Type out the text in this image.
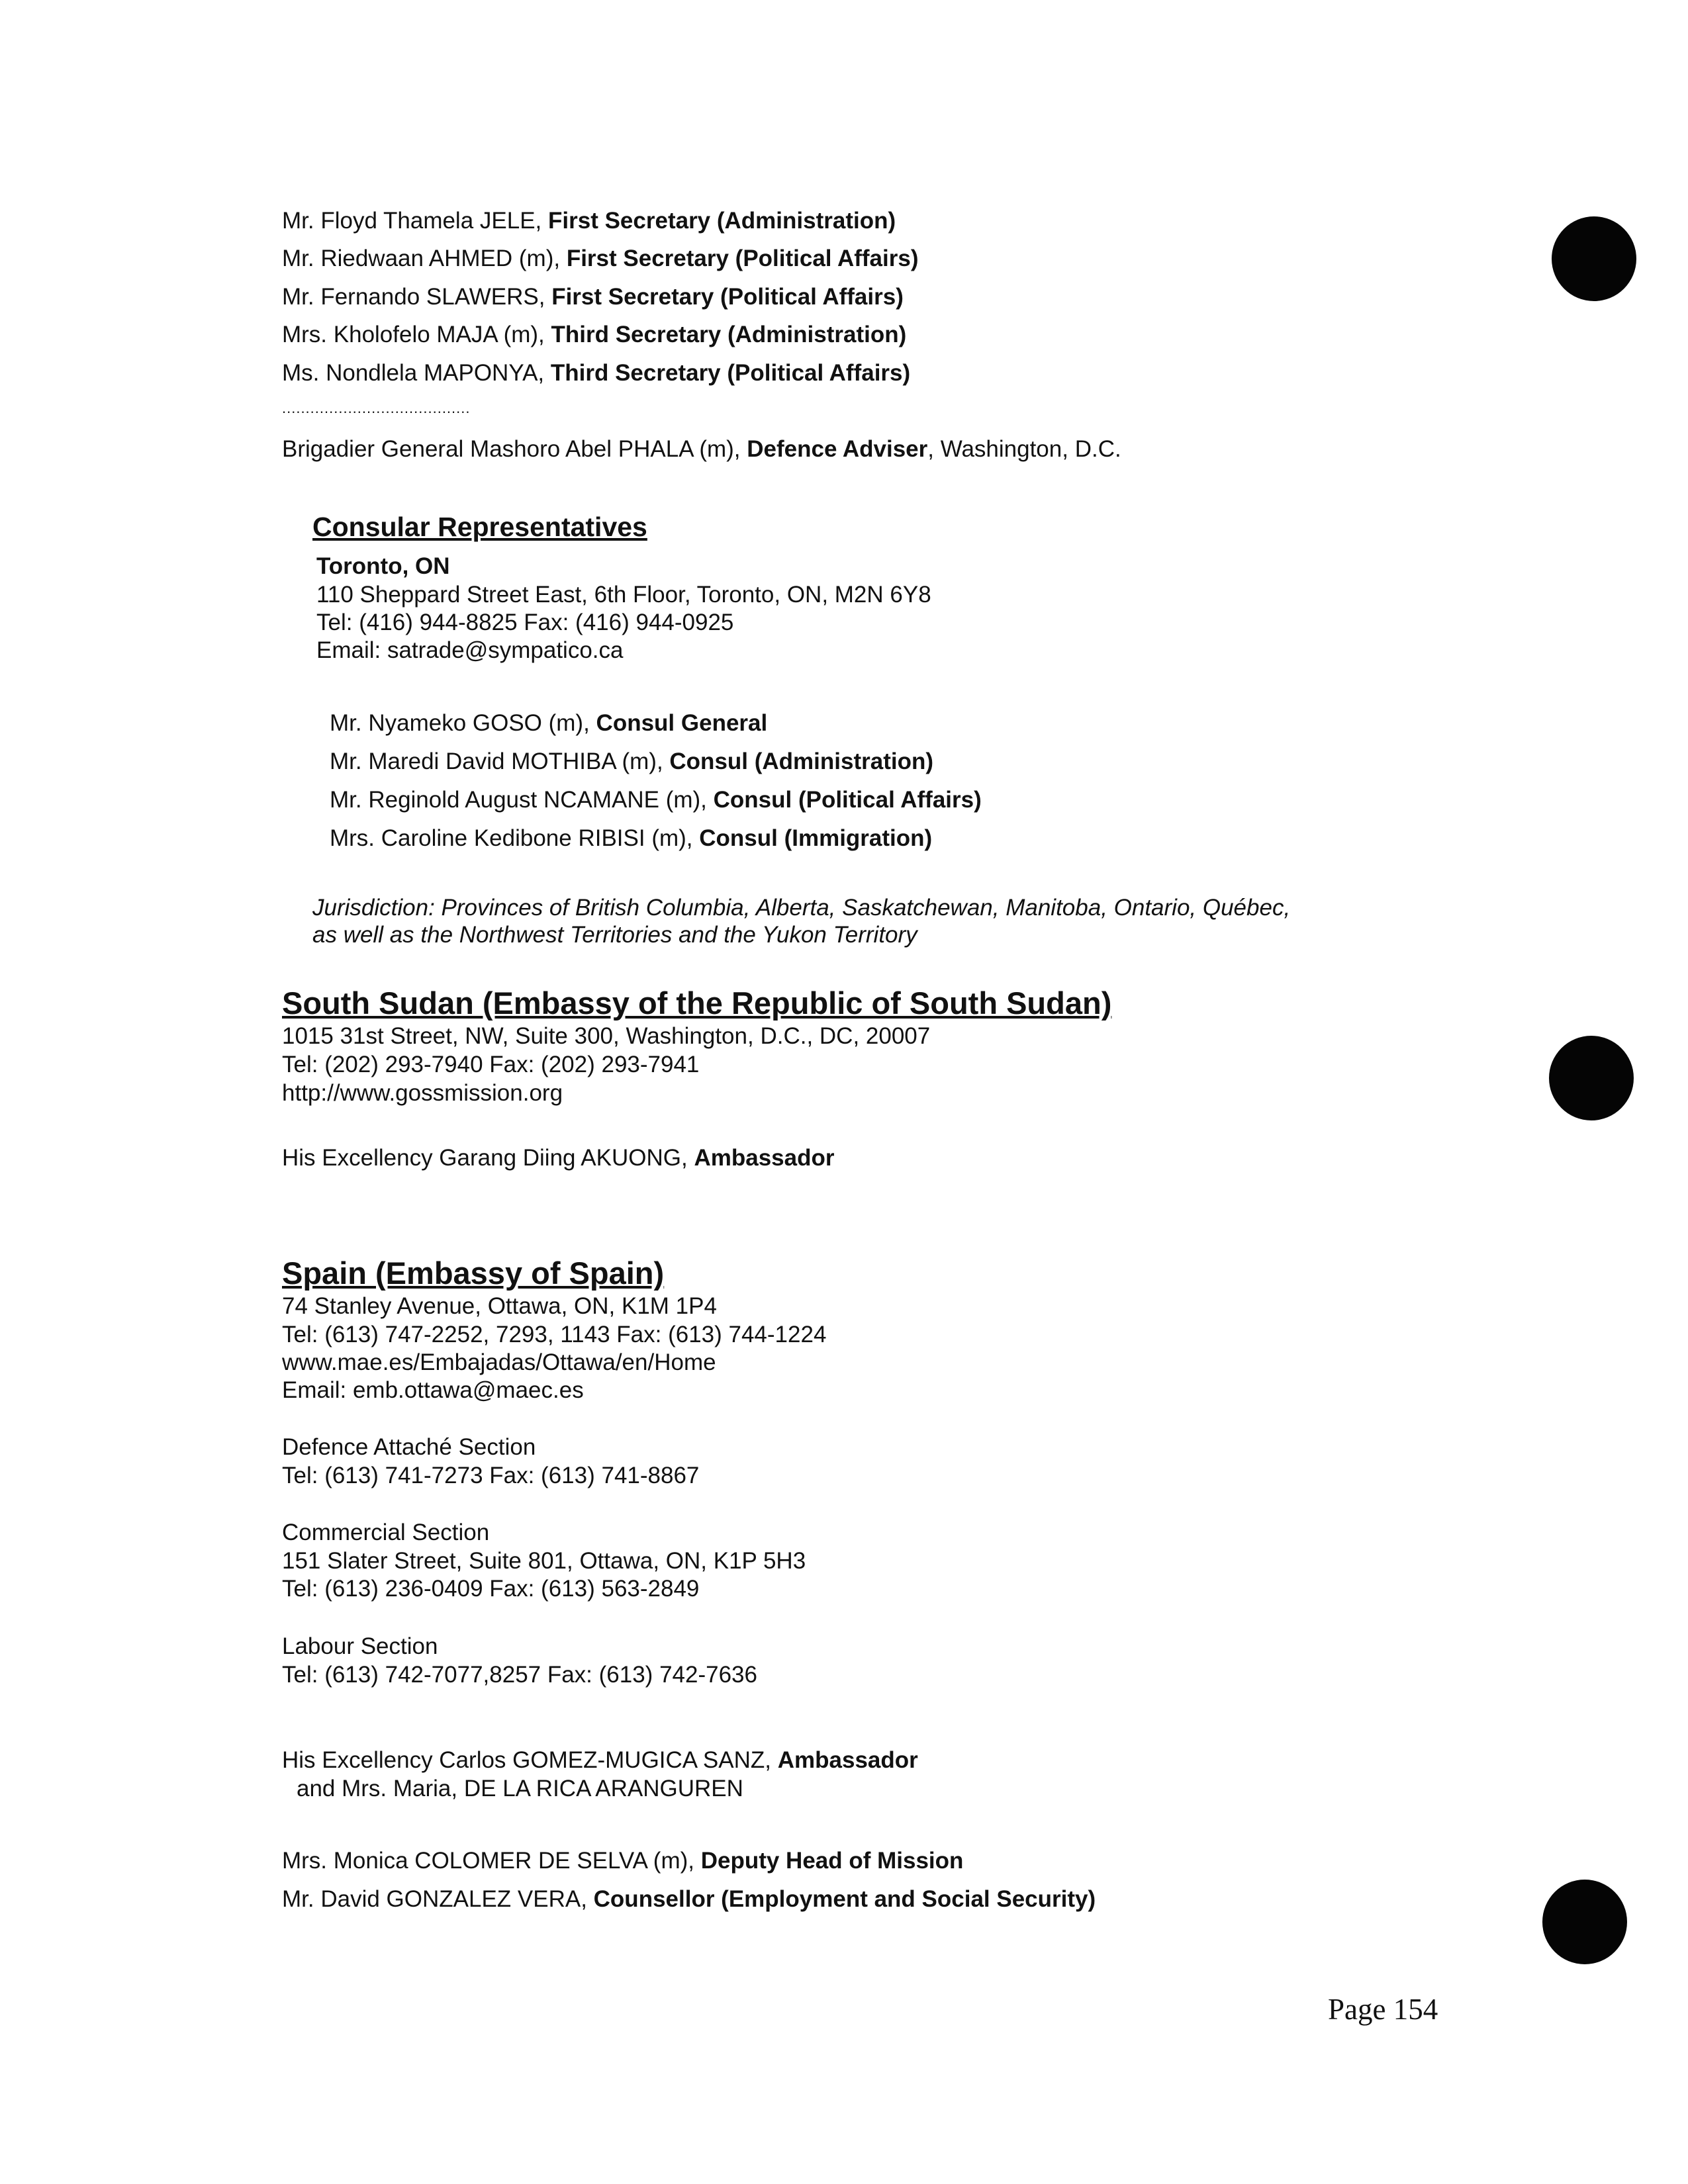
Mr. Floyd Thamela JELE, First Secretary (Administration)
Mr. Riedwaan AHMED (m), First Secretary (Political Affairs)
Mr. Fernando SLAWERS, First Secretary (Political Affairs)
Mrs. Kholofelo MAJA (m), Third Secretary (Administration)
Ms. Nondlela MAPONYA, Third Secretary (Political Affairs)
........................................
Brigadier General Mashoro Abel PHALA (m), Defence Adviser, Washington, D.C.
Consular Representatives
Toronto, ON
110 Sheppard Street East, 6th Floor, Toronto, ON, M2N 6Y8
Tel: (416) 944-8825 Fax: (416) 944-0925
Email: satrade@sympatico.ca
Mr. Nyameko GOSO (m), Consul General
Mr. Maredi David MOTHIBA (m), Consul (Administration)
Mr. Reginold August NCAMANE (m), Consul (Political Affairs)
Mrs. Caroline Kedibone RIBISI (m), Consul (Immigration)
Jurisdiction: Provinces of British Columbia, Alberta, Saskatchewan, Manitoba, Ontario, Québec,
as well as the Northwest Territories and the Yukon Territory
South Sudan (Embassy of the Republic of South Sudan)
1015 31st Street, NW, Suite 300, Washington, D.C., DC, 20007
Tel: (202) 293-7940 Fax: (202) 293-7941
http://www.gossmission.org
His Excellency Garang Diing AKUONG, Ambassador
Spain (Embassy of Spain)
74 Stanley Avenue, Ottawa, ON, K1M 1P4
Tel: (613) 747-2252, 7293, 1143 Fax: (613) 744-1224
www.mae.es/Embajadas/Ottawa/en/Home
Email: emb.ottawa@maec.es
Defence Attaché Section
Tel: (613) 741-7273 Fax: (613) 741-8867
Commercial Section
151 Slater Street, Suite 801, Ottawa, ON, K1P 5H3
Tel: (613) 236-0409 Fax: (613) 563-2849
Labour Section
Tel: (613) 742-7077,8257 Fax: (613) 742-7636
His Excellency Carlos GOMEZ-MUGICA SANZ, Ambassador
and Mrs. Maria, DE LA RICA ARANGUREN
Mrs. Monica COLOMER DE SELVA (m), Deputy Head of Mission
Mr. David GONZALEZ VERA, Counsellor (Employment and Social Security)
Page 154
